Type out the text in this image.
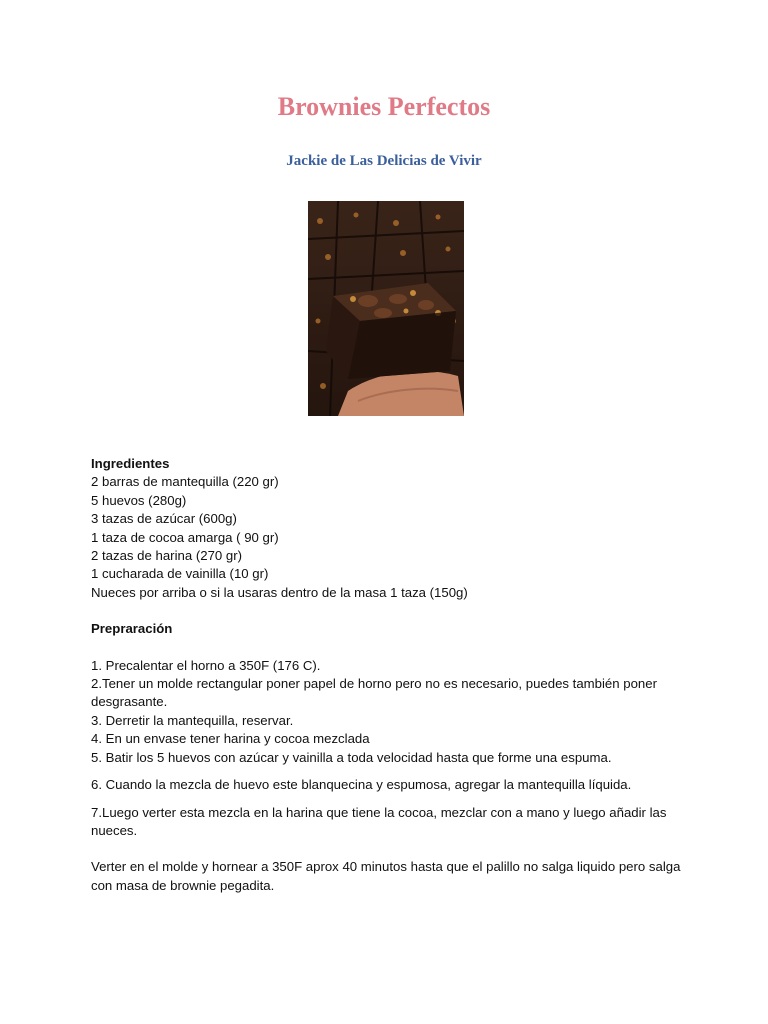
Brownies Perfectos
Jackie de Las Delicias de Vivir

Ingredientes

2 barras de mantequilla (220 gr)

5 huevos (280g)

3 tazas de azúcar (600g)

1 taza de cocoa amarga ( 90 gr)

2 tazas de harina (270 gr)

1 cucharada de vainilla (10 gr)

Nueces por arriba o si la usaras dentro de la masa 1 taza (150g)

Prepraración

1. Precalentar el horno a 350F (176 C).

2.Tener un molde rectangular poner papel de horno pero no es necesario, puedes también poner desgrasante.

3. Derretir la mantequilla, reservar.

4. En un envase tener harina y cocoa mezclada

5. Batir los 5 huevos con azúcar y vainilla a toda velocidad hasta que forme una espuma.

6. Cuando la mezcla de huevo este blanquecina y espumosa, agregar la mantequilla líquida.

7.Luego verter esta mezcla en la harina que tiene la cocoa, mezclar con a mano y luego añadir las nueces.

Verter en el molde y hornear a 350F aprox 40 minutos hasta que el palillo no salga liquido pero salga con masa de brownie pegadita.
